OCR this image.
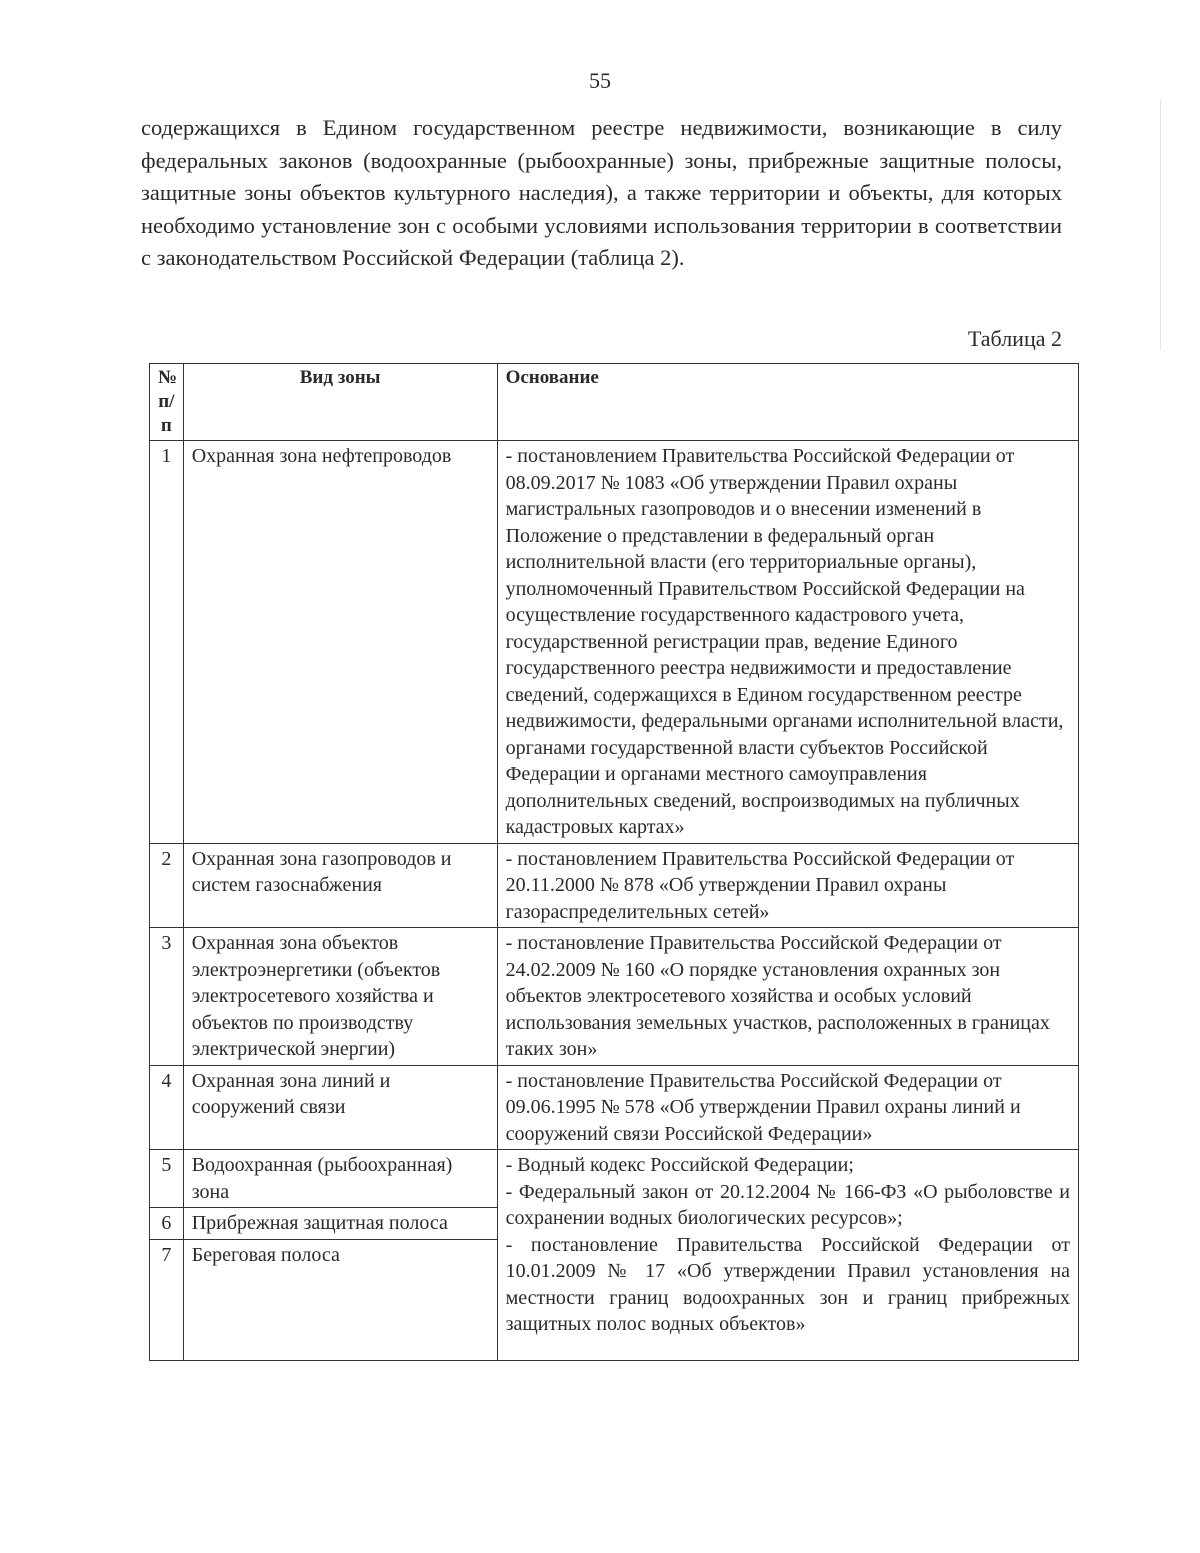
55

содержащихся в Едином государственном реестре недвижимости, возникающие в силу федеральных законов (водоохранные (рыбоохранные) зоны, прибрежные защитные полосы, защитные зоны объектов культурного наследия), а также территории и объекты, для которых необходимо установление зон с особыми условиями использования территории в соответствии с законодательством Российской Федерации (таблица 2).

Таблица 2
№ п/п	Вид зоны	Основание
1	Охранная зона нефтепроводов	- постановлением Правительства Российской Федерации от 08.09.2017 № 1083 «Об утверждении Правил охраны магистральных газопроводов и о внесении изменений в Положение о представлении в федеральный орган исполнительной власти (его территориальные органы), уполномоченный Правительством Российской Федерации на осуществление государственного кадастрового учета, государственной регистрации прав, ведение Единого государственного реестра недвижимости и предоставление сведений, содержащихся в Едином государственном реестре недвижимости, федеральными органами исполнительной власти, органами государственной власти субъектов Российской Федерации и органами местного самоуправления дополнительных сведений, воспроизводимых на публичных кадастровых картах»
2	Охранная зона газопроводов и систем газоснабжения	- постановлением Правительства Российской Федерации от 20.11.2000 № 878 «Об утверждении Правил охраны газораспределительных сетей»
3	Охранная зона объектов электроэнергетики (объектов электросетевого хозяйства и объектов по производству электрической энергии)	- постановление Правительства Российской Федерации от 24.02.2009 № 160 «О порядке установления охранных зон объектов электросетевого хозяйства и особых условий использования земельных участков, расположенных в границах таких зон»
4	Охранная зона линий и сооружений связи	- постановление Правительства Российской Федерации от 09.06.1995 № 578 «Об утверждении Правил охраны линий и сооружений связи Российской Федерации»
5	Водоохранная (рыбоохранная) зона	- Водный кодекс Российской Федерации;

- Федеральный закон от 20.12.2004 № 166-ФЗ «О рыболовстве и сохранении водных биологических ресурсов»;

- постановление Правительства Российской Федерации от 10.01.2009 № 17 «Об утверждении Правил установления на местности границ водоохранных зон и границ прибрежных защитных полос водных объектов»

6	Прибрежная защитная полоса	
7	Береговая полоса	
